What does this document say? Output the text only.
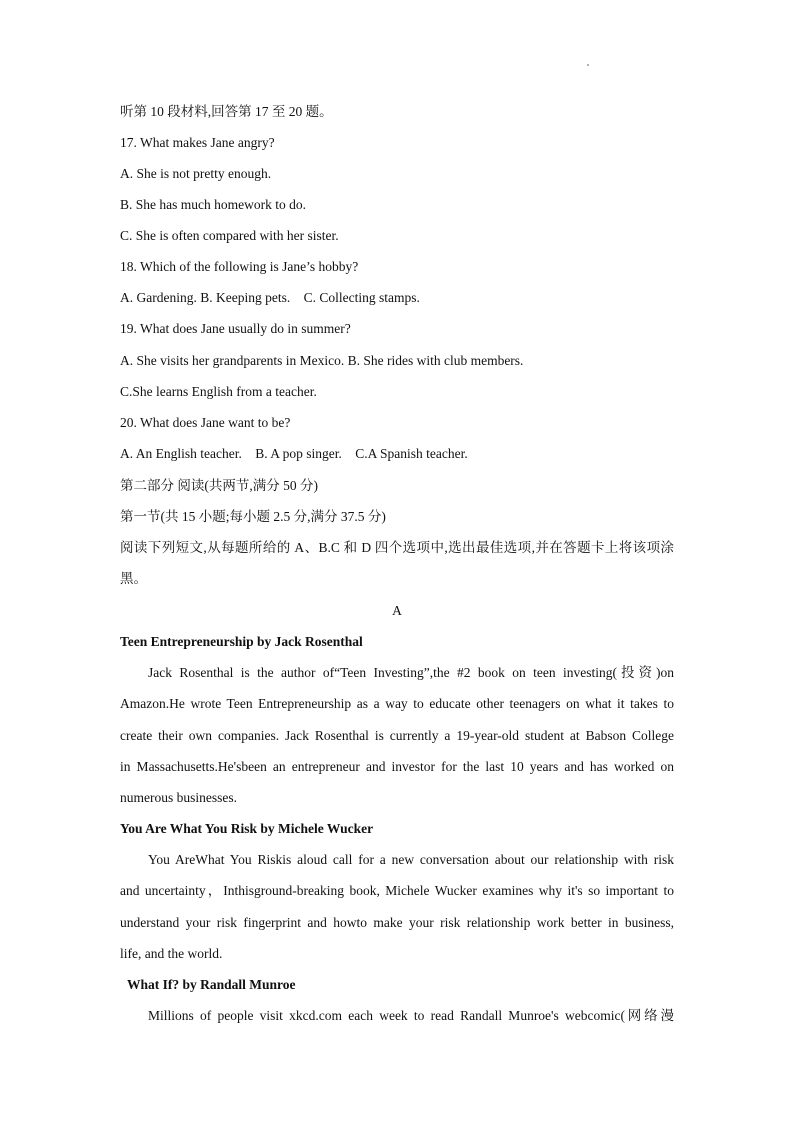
听第 10 段材料,回答第 17 至 20 题。
17. What makes Jane angry?
A. She is not pretty enough.
B. She has much homework to do.
C. She is often compared with her sister.
18. Which of the following is Jane’s hobby?
A. Gardening. B. Keeping pets. C. Collecting stamps.
19. What does Jane usually do in summer?
A. She visits her grandparents in Mexico. B. She rides with club members.
C.She learns English from a teacher.
20. What does Jane want to be?
A. An English teacher. B. A pop singer. C.A Spanish teacher.
第二部分 阅读(共两节,满分 50 分)
第一节(共 15 小题;每小题 2.5 分,满分 37.5 分)
阅读下列短文,从每题所给的 A、B.C 和 D 四个选项中,选出最佳选项,并在答题卡上将该项涂
黑。
A
Teen Entrepreneurship by Jack Rosenthal
Jack Rosenthal is the author of“Teen Investing”,the #2 book on teen investing(投资)on
Amazon.He wrote Teen Entrepreneurship as a way to educate other teenagers on what it takes to
create their own companies. Jack Rosenthal is currently a 19-year-old student at Babson College
in Massachusetts.He'sbeen an entrepreneur and investor for the last 10 years and has worked on
numerous businesses.
You Are What You Risk by Michele Wucker
You AreWhat You Riskis aloud call for a new conversation about our relationship with risk
and uncertainty，Inthisground-breaking book, Michele Wucker examines why it's so important to
understand your risk fingerprint and howto make your risk relationship work better in business,
life, and the world.
What If? by Randall Munroe
Millions of people visit xkcd.com each week to read Randall Munroe's webcomic(网络漫
